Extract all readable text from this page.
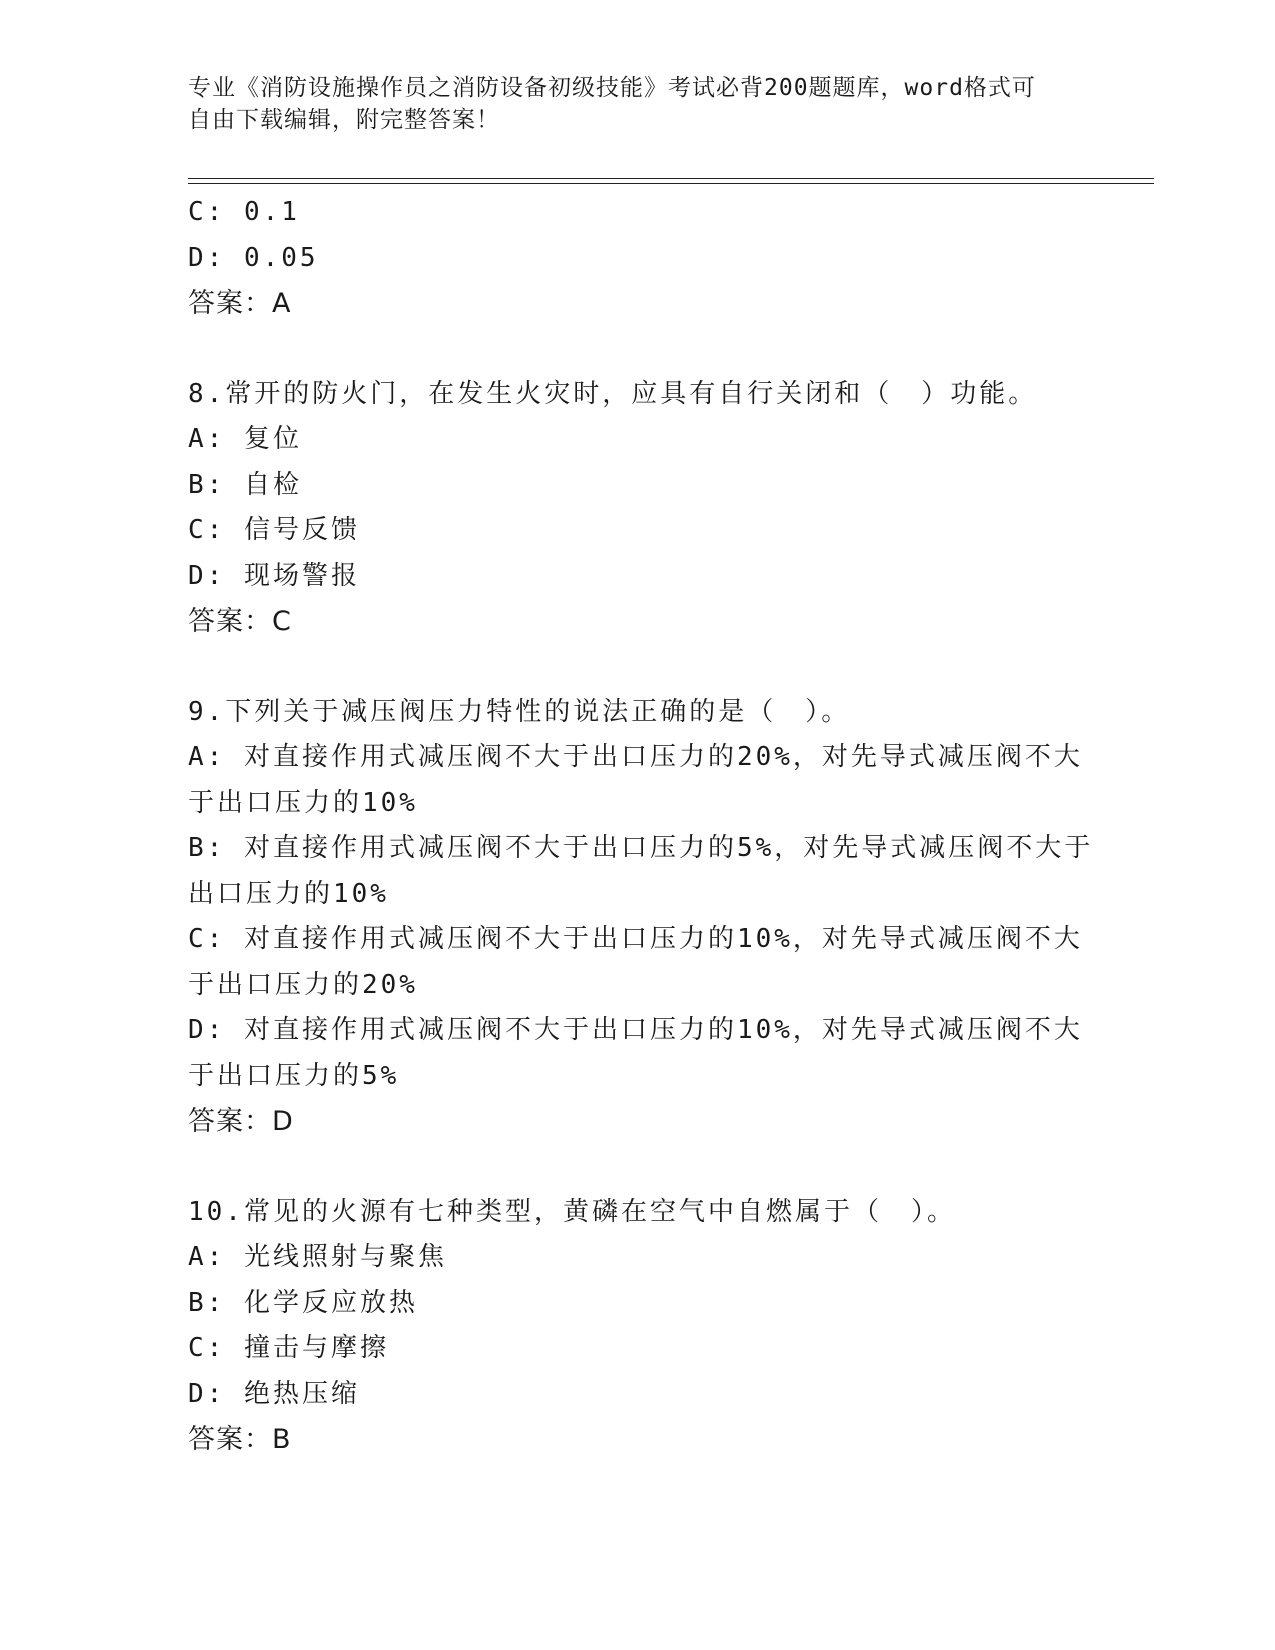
专业《消防设施操作员之消防设备初级技能》考试必背200题题库，word格式可
自由下载编辑，附完整答案！
C: 0.1
D: 0.05
答案：A
8.常开的防火门，在发生火灾时，应具有自行关闭和（　）功能。
A: 复位
B: 自检
C: 信号反馈
D: 现场警报
答案：C
9.下列关于减压阀压力特性的说法正确的是（　）。
A: 对直接作用式减压阀不大于出口压力的20%，对先导式减压阀不大
于出口压力的10%
B: 对直接作用式减压阀不大于出口压力的5%，对先导式减压阀不大于
出口压力的10%
C: 对直接作用式减压阀不大于出口压力的10%，对先导式减压阀不大
于出口压力的20%
D: 对直接作用式减压阀不大于出口压力的10%，对先导式减压阀不大
于出口压力的5%
答案：D
10.常见的火源有七种类型，黄磷在空气中自燃属于（　）。
A: 光线照射与聚焦
B: 化学反应放热
C: 撞击与摩擦
D: 绝热压缩
答案：B
